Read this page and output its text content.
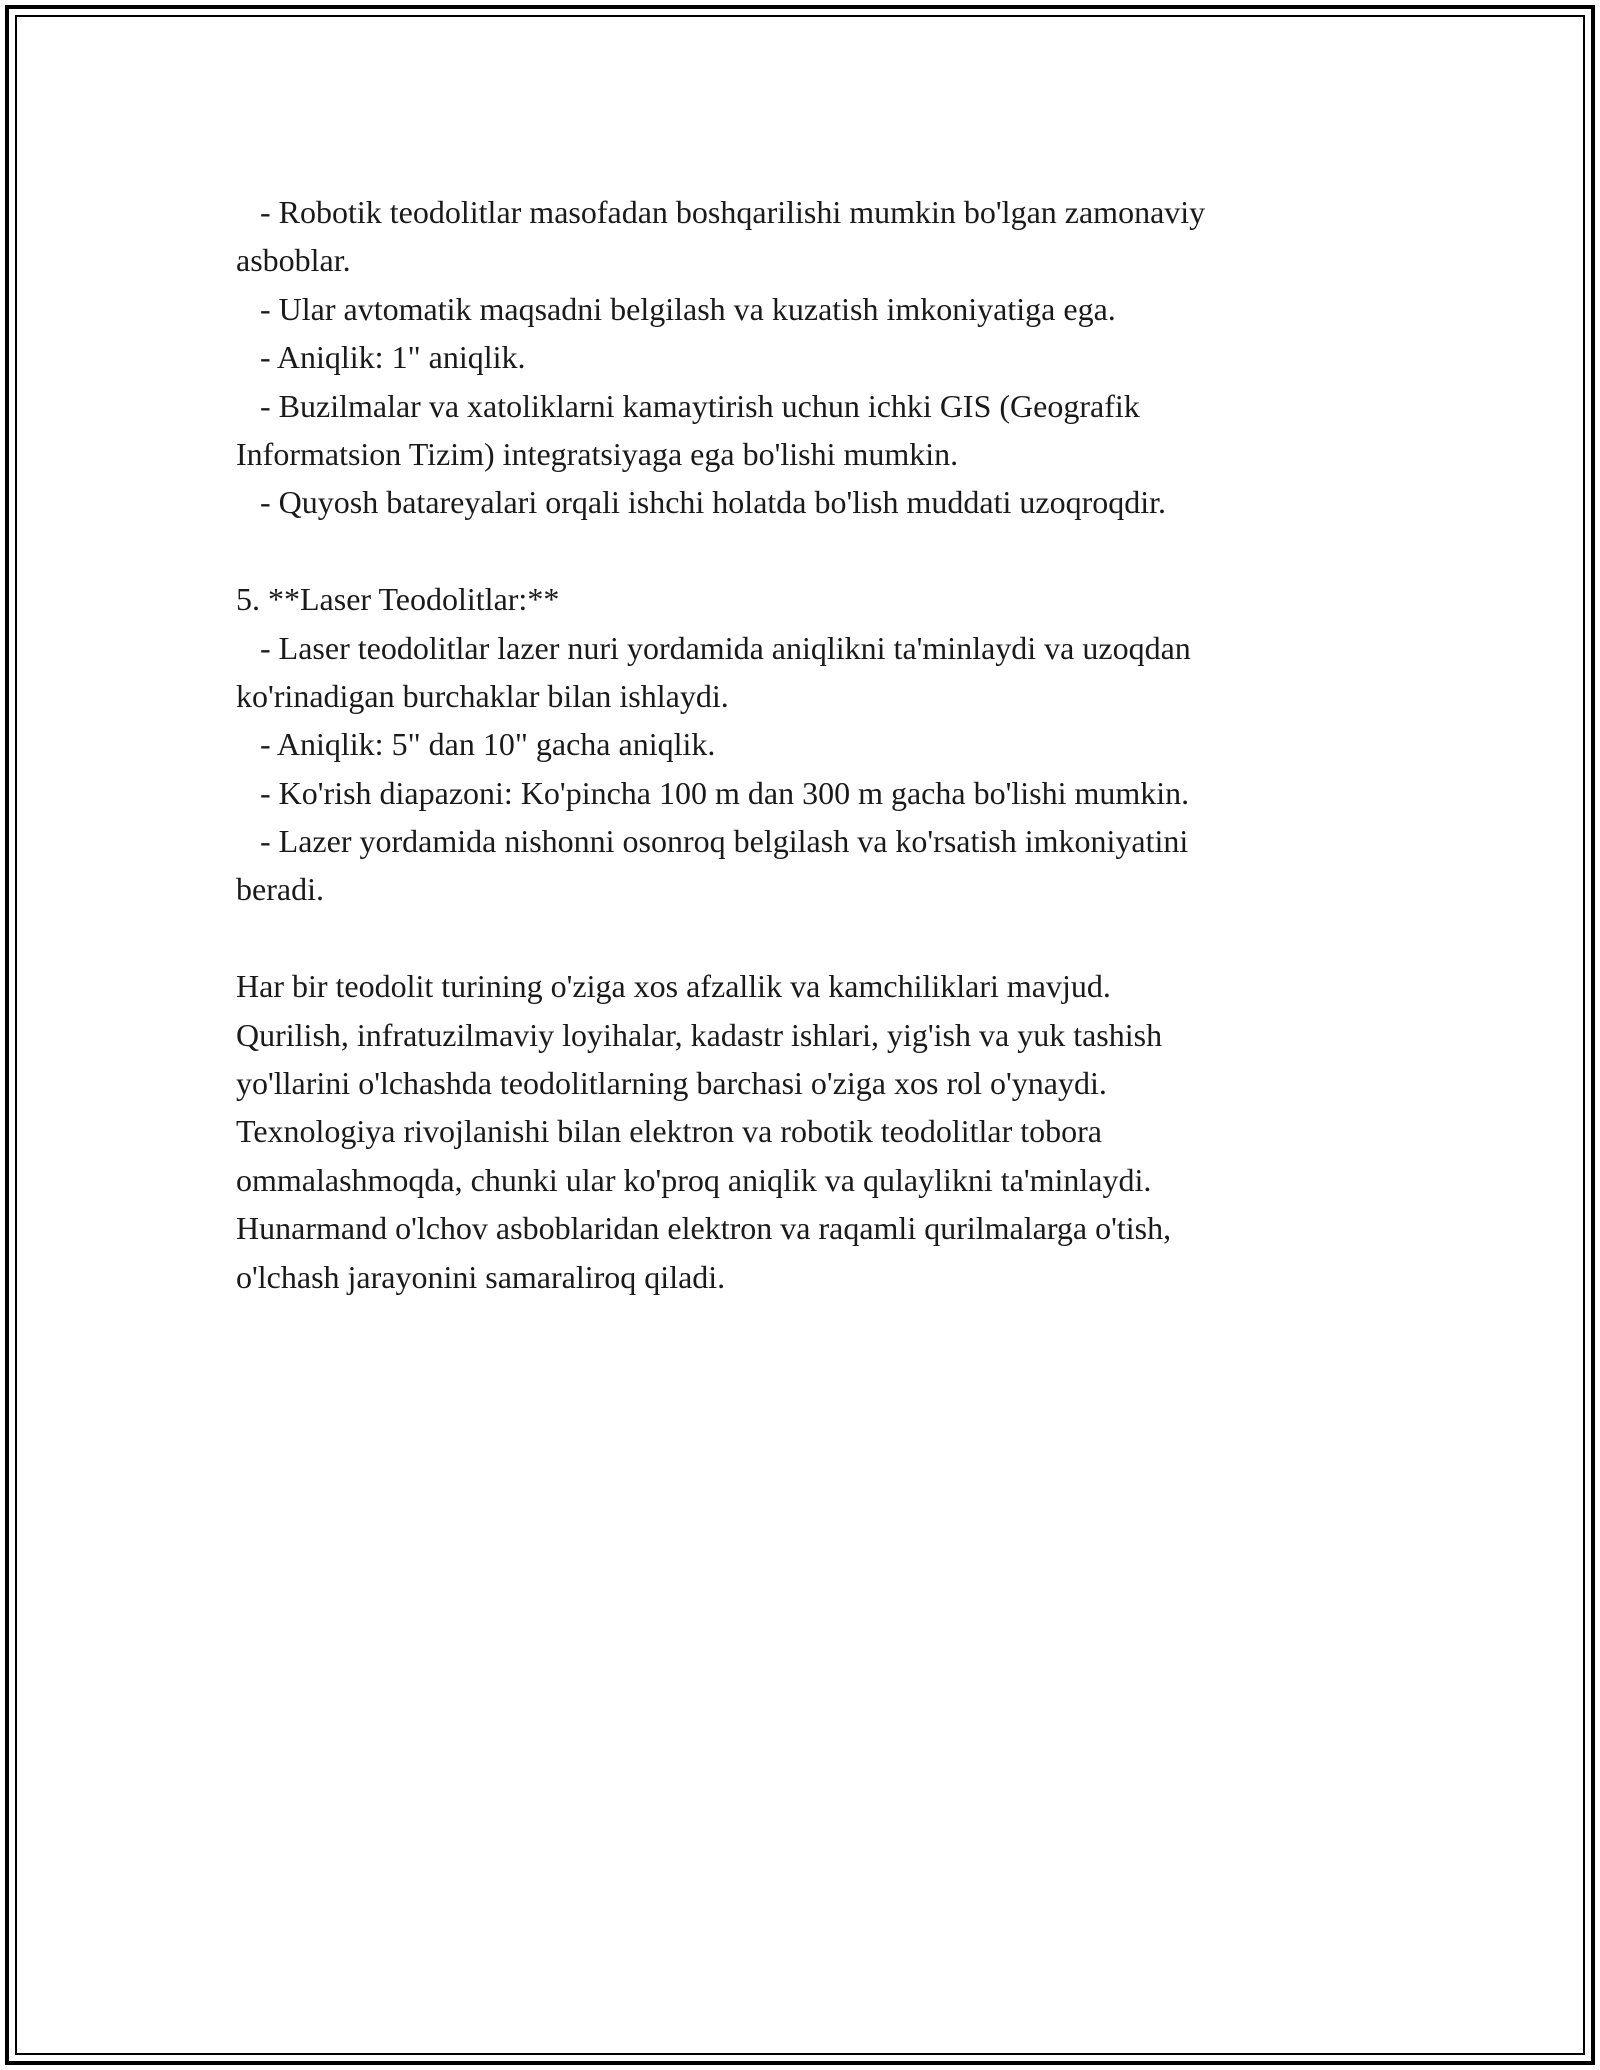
- Robotik teodolitlar masofadan boshqarilishi mumkin bo'lgan zamonaviy
asboblar.
- Ular avtomatik maqsadni belgilash va kuzatish imkoniyatiga ega.
- Aniqlik: 1" aniqlik.
- Buzilmalar va xatoliklarni kamaytirish uchun ichki GIS (Geografik
Informatsion Tizim) integratsiyaga ega bo'lishi mumkin.
- Quyosh batareyalari orqali ishchi holatda bo'lish muddati uzoqroqdir.
5. **Laser Teodolitlar:**
- Laser teodolitlar lazer nuri yordamida aniqlikni ta'minlaydi va uzoqdan
ko'rinadigan burchaklar bilan ishlaydi.
- Aniqlik: 5" dan 10" gacha aniqlik.
- Ko'rish diapazoni: Ko'pincha 100 m dan 300 m gacha bo'lishi mumkin.
- Lazer yordamida nishonni osonroq belgilash va ko'rsatish imkoniyatini
beradi.
Har bir teodolit turining o'ziga xos afzallik va kamchiliklari mavjud.
Qurilish, infratuzilmaviy loyihalar, kadastr ishlari, yig'ish va yuk tashish
yo'llarini o'lchashda teodolitlarning barchasi o'ziga xos rol o'ynaydi.
Texnologiya rivojlanishi bilan elektron va robotik teodolitlar tobora
ommalashmoqda, chunki ular ko'proq aniqlik va qulaylikni ta'minlaydi.
Hunarmand o'lchov asboblaridan elektron va raqamli qurilmalarga o'tish,
o'lchash jarayonini samaraliroq qiladi.
